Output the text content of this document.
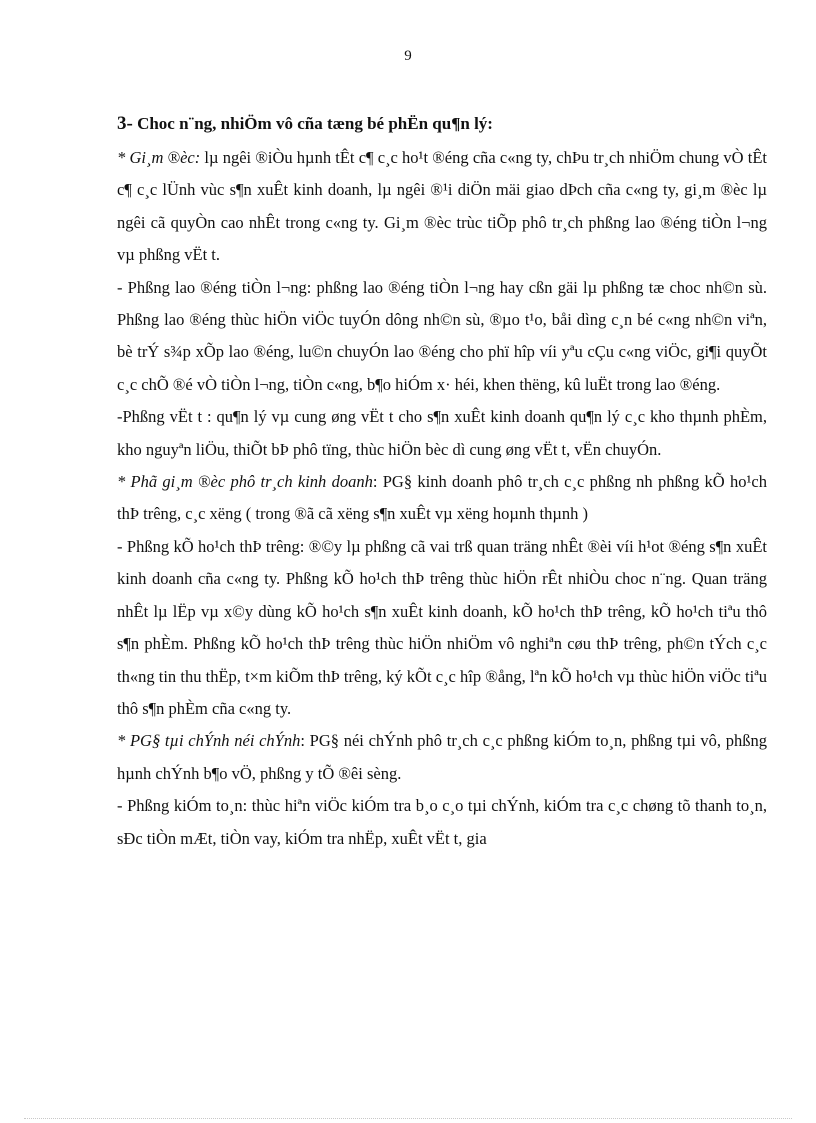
9
3- Choc n¨ng, nhiÖm vô cña tæng bé phËn qu¶n lý:

* Gi¸m ®èc: lµ ngêi ®iÒu hµnh tÊt c¶ c¸c ho¹t ®éng cña c«ng ty, chÞu tr¸ch nhiÖm chung vÒ tÊt c¶ c¸c lÜnh vùc s¶n xuÊt kinh doanh, lµ ngêi ®¹i diÖn mäi giao dÞch cña c«ng ty, gi¸m ®èc lµ ngêi cã quyÒn cao nhÊt trong c«ng ty. Gi¸m ®èc trùc tiÕp phô tr¸ch phßng lao ®éng tiÒn l¬ng vµ phßng vËt t.

- Phßng lao ®éng tiÒn l¬ng: phßng lao ®éng tiÒn l¬ng hay cßn gäi lµ phßng tæ choc nh©n sù. Phßng lao ®éng thùc hiÖn viÖc tuyÓn dông nh©n sù, ®µo t¹o, båi dìng c¸n bé c«ng nh©n viªn, bè trÝ s¾p xÕp lao ®éng, lu©n chuyÓn lao ®éng cho phï hîp víi yªu cÇu c«ng viÖc, gi¶i quyÕt c¸c chÕ ®é vÒ tiÒn l¬ng, tiÒn c«ng, b¶o hiÓm x· héi, khen thëng, kû luËt trong lao ®éng.

-Phßng vËt t : qu¶n lý vµ cung øng vËt t cho s¶n xuÊt kinh doanh qu¶n lý c¸c kho thµnh phÈm, kho nguyªn liÖu, thiÕt bÞ phô tïng, thùc hiÖn bèc dì cung øng vËt t, vËn chuyÓn.

* Phã gi¸m ®èc phô tr¸ch kinh doanh: PG§ kinh doanh phô tr¸ch c¸c phßng nh phßng kÕ ho¹ch thÞ trêng, c¸c xëng ( trong ®ã cã xëng s¶n xuÊt vµ xëng hoµnh thµnh )

- Phßng kÕ ho¹ch thÞ trêng: ®©y lµ phßng cã vai trß quan träng nhÊt ®èi víi h¹ot ®éng s¶n xuÊt kinh doanh cña c«ng ty. Phßng kÕ ho¹ch thÞ trêng thùc hiÖn rÊt nhiÒu choc n¨ng. Quan träng nhÊt lµ lËp vµ x©y dùng kÕ ho¹ch s¶n xuÊt kinh doanh, kÕ ho¹ch thÞ trêng, kÕ ho¹ch tiªu thô s¶n phÈm. Phßng kÕ ho¹ch thÞ trêng thùc hiÖn nhiÖm vô nghiªn cøu thÞ trêng, ph©n tÝch c¸c th«ng tin thu thËp, t×m kiÕm thÞ trêng, ký kÕt c¸c hîp ®ång, lªn kÕ ho¹ch vµ thùc hiÖn viÖc tiªu thô s¶n phÈm cña c«ng ty.

* PG§ tµi chÝnh néi chÝnh: PG§ néi chÝnh phô tr¸ch c¸c phßng kiÓm to¸n, phßng tµi vô, phßng hµnh chÝnh b¶o vÖ, phßng y tÕ ®êi sèng.

- Phßng kiÓm to¸n: thùc hiªn viÖc kiÓm tra b¸o c¸o tµi chÝnh, kiÓm tra c¸c chøng tõ thanh to¸n, sÐc tiÒn mÆt, tiÒn vay, kiÓm tra nhËp, xuÊt vËt t, gia
